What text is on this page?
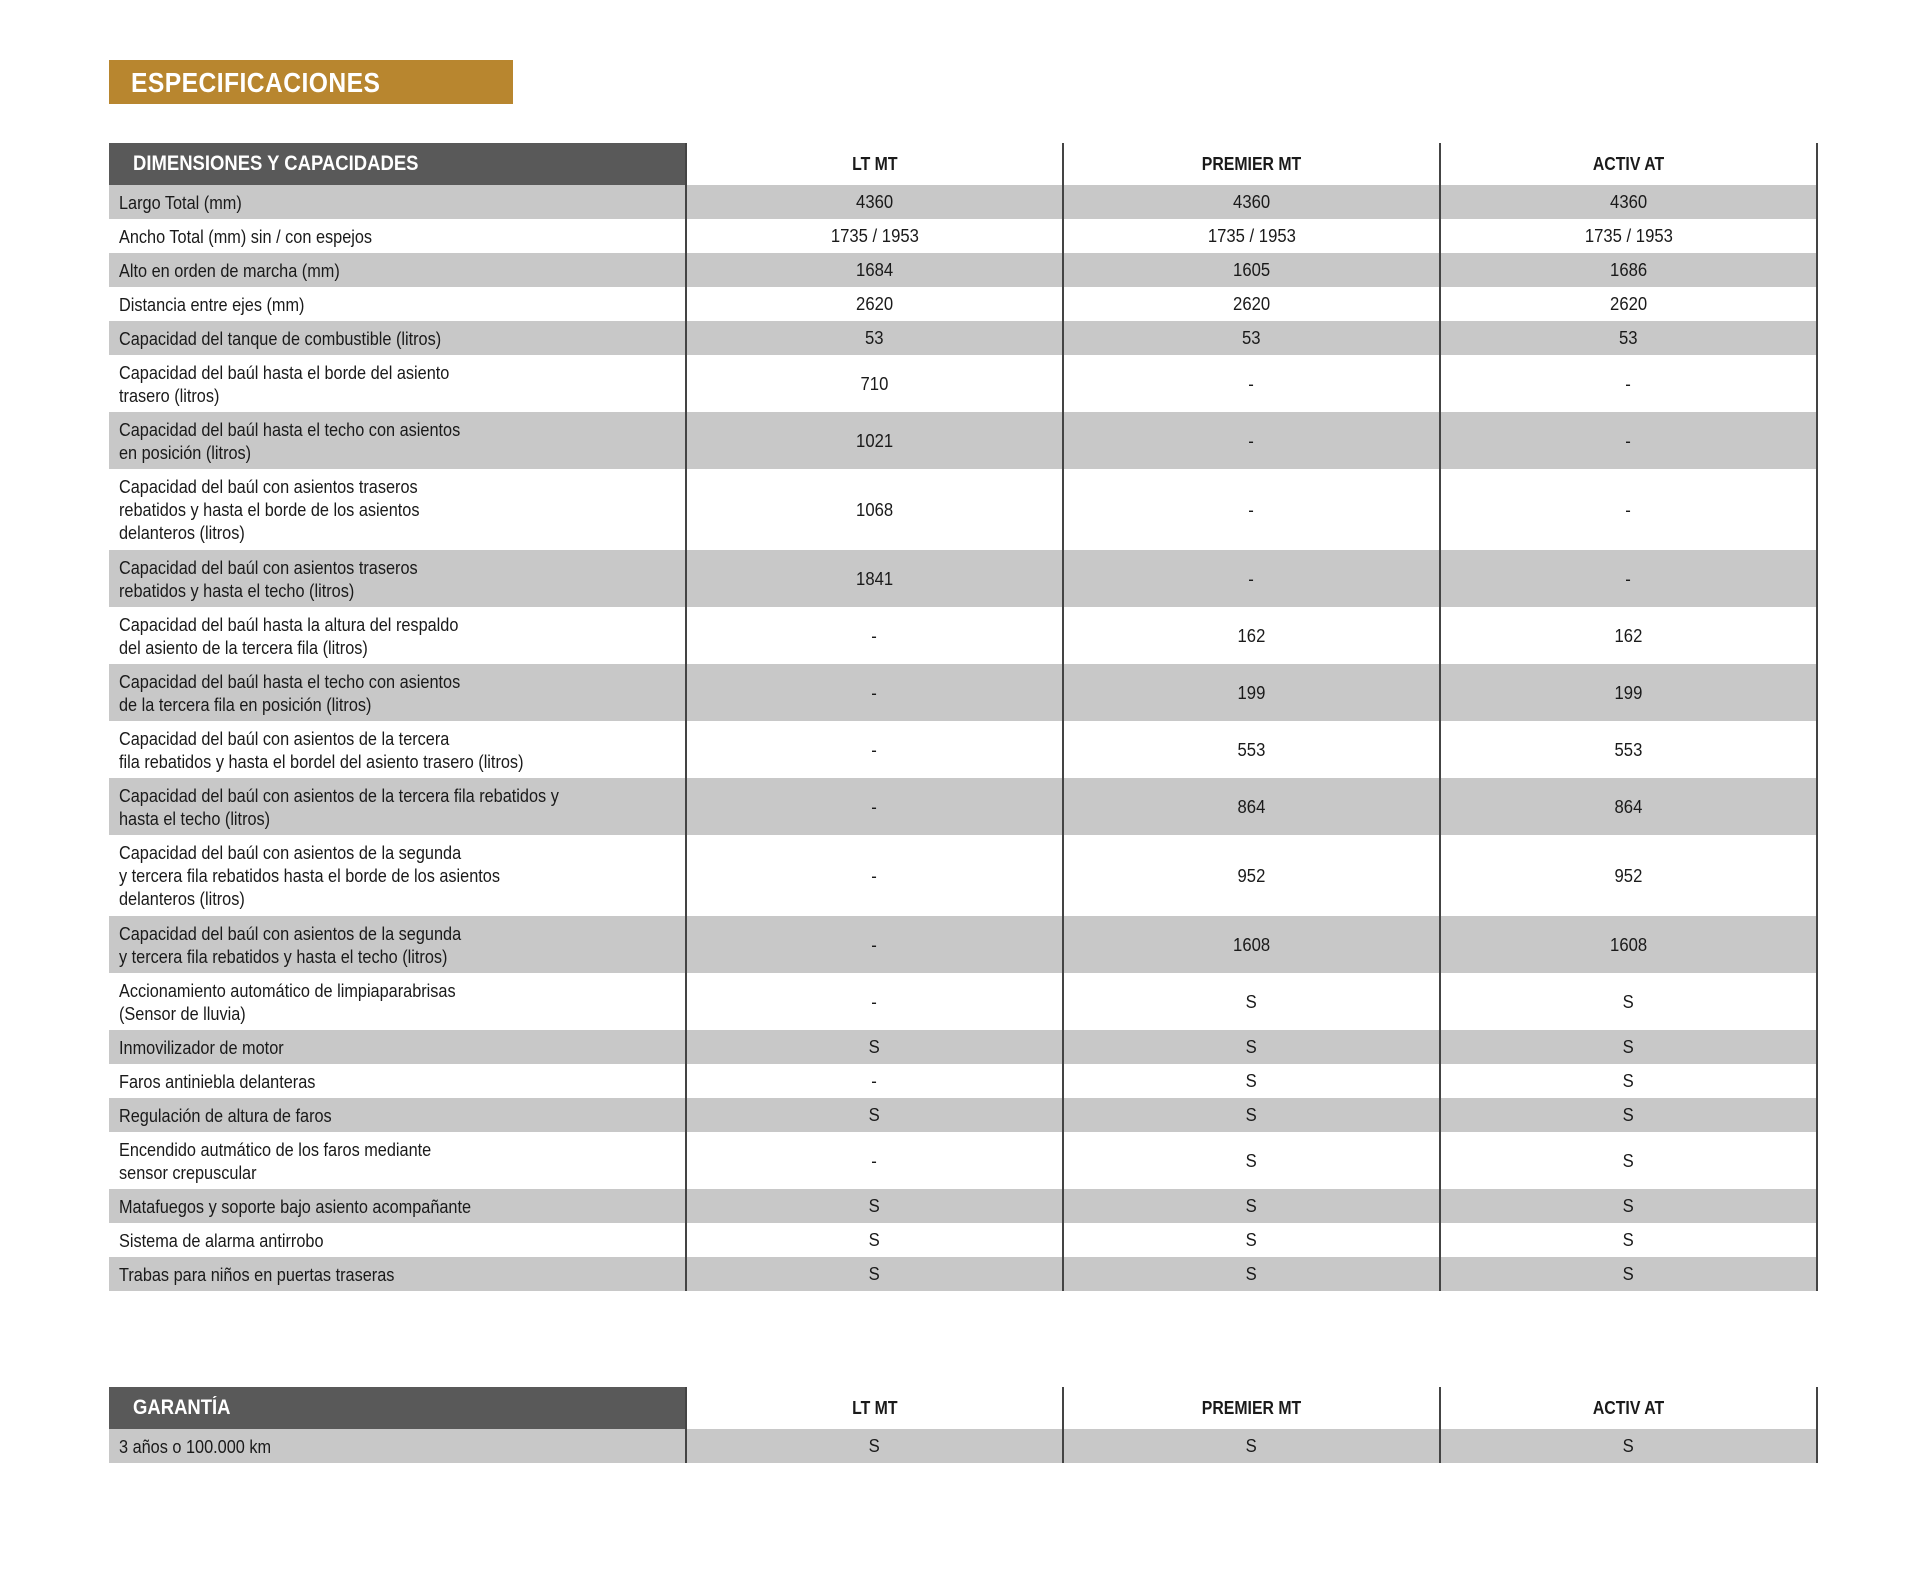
ESPECIFICACIONES
DIMENSIONES Y CAPACIDADES	LT MT	PREMIER MT	ACTIV AT
Largo Total (mm)	4360	4360	4360
Ancho Total (mm) sin / con espejos	1735 / 1953	1735 / 1953	1735 / 1953
Alto en orden de marcha (mm)	1684	1605	1686
Distancia entre ejes (mm)	2620	2620	2620
Capacidad del tanque de combustible (litros)	53	53	53
Capacidad del baúl hasta el borde del asiento
trasero (litros)	710	-	-
Capacidad del baúl hasta el techo con asientos
en posición (litros)	1021	-	-
Capacidad del baúl con asientos traseros
rebatidos y hasta el borde de los asientos
delanteros (litros)	1068	-	-
Capacidad del baúl con asientos traseros
rebatidos y hasta el techo (litros)	1841	-	-
Capacidad del baúl hasta la altura del respaldo
del asiento de la tercera fila (litros)	-	162	162
Capacidad del baúl hasta el techo con asientos
de la tercera fila en posición (litros)	-	199	199
Capacidad del baúl con asientos de la tercera
fila rebatidos y hasta el bordel del asiento trasero (litros)	-	553	553
Capacidad del baúl con asientos de la tercera fila rebatidos y
hasta el techo (litros)	-	864	864
Capacidad del baúl con asientos de la segunda
y tercera fila rebatidos hasta el borde de los asientos
delanteros (litros)	-	952	952
Capacidad del baúl con asientos de la segunda
y tercera fila rebatidos y hasta el techo (litros)	-	1608	1608
Accionamiento automático de limpiaparabrisas
(Sensor de lluvia)	-	S	S
Inmovilizador de motor	S	S	S
Faros antiniebla delanteras	-	S	S
Regulación de altura de faros	S	S	S
Encendido autmático de los faros mediante
sensor crepuscular	-	S	S
Matafuegos y soporte bajo asiento acompañante	S	S	S
Sistema de alarma antirrobo	S	S	S
Trabas para niños en puertas traseras	S	S	S
GARANTÍA	LT MT	PREMIER MT	ACTIV AT
3 años o 100.000 km	S	S	S
